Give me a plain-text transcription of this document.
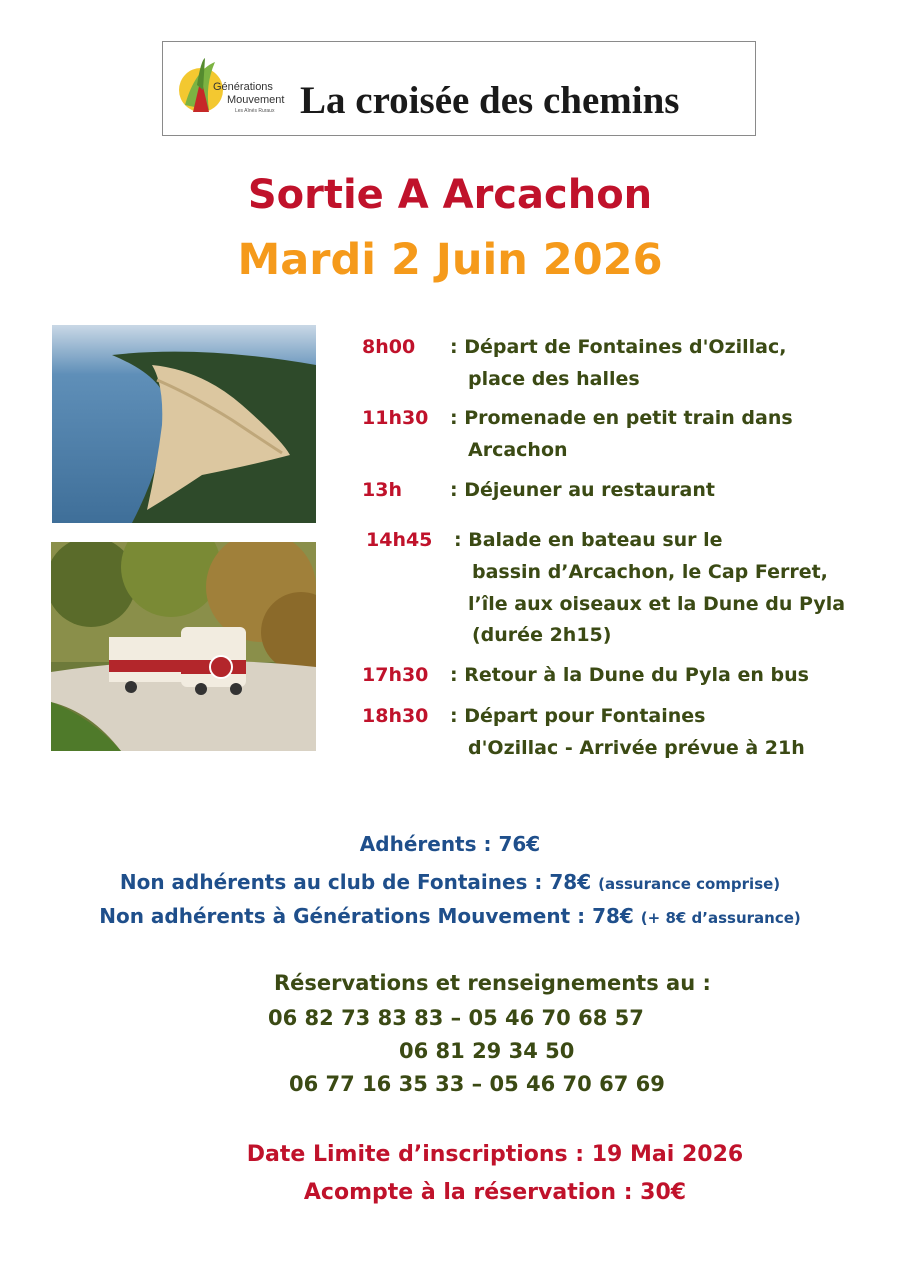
Générations
Mouvement
Les Aînés Ruraux La croisée des chemins
Sortie A Arcachon
Mardi 2 Juin 2026
8h00 : Départ de Fontaines d'Ozillac,
place des halles
11h30 : Promenade en petit train dans
Arcachon
13h	: Déjeuner au restaurant
14h45 : Balade en bateau sur le
bassin d’Arcachon, le Cap Ferret,
l’île aux oiseaux et la Dune du Pyla
(durée 2h15)
17h30 : Retour à la Dune du Pyla en bus
18h30 : Départ pour Fontaines
d'Ozillac - Arrivée prévue à 21h
Adhérents : 76€
Non adhérents au club de Fontaines : 78€ (assurance comprise)
Non adhérents à Générations Mouvement : 78€ (+ 8€ d’assurance)
Réservations et renseignements au :
06 82 73 83 83 – 05 46 70 68 57
06 81 29 34 50
06 77 16 35 33 – 05 46 70 67 69
Date Limite d’inscriptions : 19 Mai 2026
Acompte à la réservation : 30€
